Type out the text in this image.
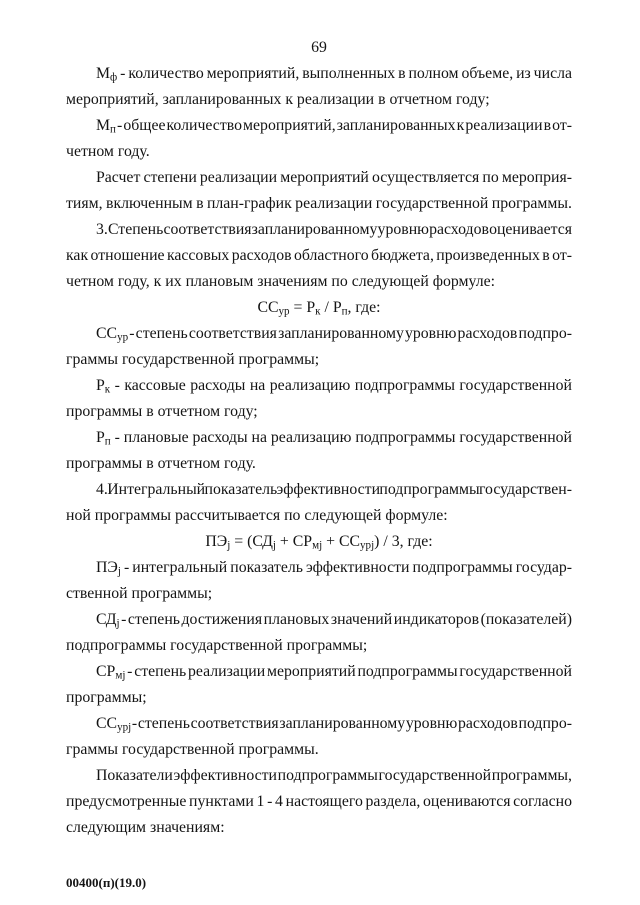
69
$М_ф$ - количество мероприятий, выполненных в полном объеме, из числа
мероприятий, запланированных к реализации в отчетном году;
$М_п$ - общее количество мероприятий, запланированных к реализации в от-
четном году.
Расчет степени реализации мероприятий осуществляется по мероприя-
тиям, включенным в план-график реализации государственной программы.
3. Степень соответствия запланированному уровню расходов оценивается
как отношение кассовых расходов областного бюджета, произведенных в от-
четном году, к их плановым значениям по следующей формуле:
$СС_{ур} = Р_к / Р_п$, где:
$СС_{ур}$ - степень соответствия запланированному уровню расходов подпро-
граммы государственной программы;
$Р_к$ - кассовые расходы на реализацию подпрограммы государственной
программы в отчетном году;
$Р_п$ - плановые расходы на реализацию подпрограммы государственной
программы в отчетном году.
4. Интегральный показатель эффективности подпрограммы государствен-
ной программы рассчитывается по следующей формуле:
$ПЭ_j = (СД_j + СР_{мj} + СС_{урj}) / 3$, где:
$ПЭ_j$ - интегральный показатель эффективности подпрограммы государ-
ственной программы;
$СД_j$ - степень достижения плановых значений индикаторов (показателей)
подпрограммы государственной программы;
$СР_{мj}$ - степень реализации мероприятий подпрограммы государственной
программы;
$СС_{урj}$ - степень соответствия запланированному уровню расходов подпро-
граммы государственной программы.
Показатели эффективности подпрограммы государственной программы,
предусмотренные пунктами 1 - 4 настоящего раздела, оцениваются согласно
следующим значениям:
00400(п)(19.0)
